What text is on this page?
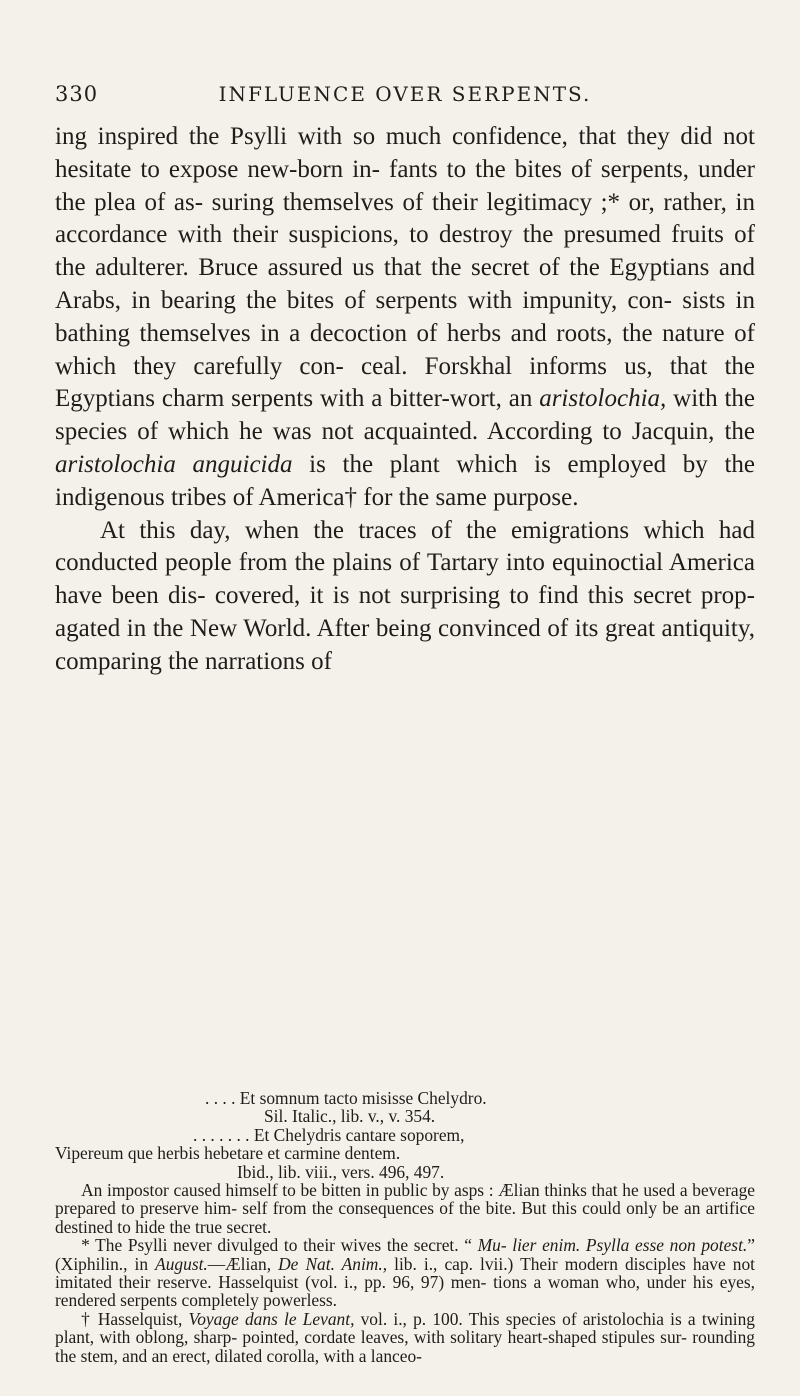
330	INFLUENCE OVER SERPENTS.

ing inspired the Psylli with so much confidence, that they did not hesitate to expose new-born in- fants to the bites of serpents, under the plea of as- suring themselves of their legitimacy ;* or, rather, in accordance with their suspicions, to destroy the presumed fruits of the adulterer. Bruce assured us that the secret of the Egyptians and Arabs, in bearing the bites of serpents with impunity, con- sists in bathing themselves in a decoction of herbs and roots, the nature of which they carefully con- ceal. Forskhal informs us, that the Egyptians charm serpents with a bitter-wort, an aristolochia, with the species of which he was not acquainted. According to Jacquin, the aristolochia anguicida is the plant which is employed by the indigenous tribes of America† for the same purpose.

At this day, when the traces of the emigrations which had conducted people from the plains of Tartary into equinoctial America have been dis- covered, it is not surprising to find this secret prop- agated in the New World. After being convinced of its great antiquity, comparing the narrations of

. . . . Et somnum tacto misisse Chelydro.

Sil. Italic., lib. v., v. 354.

. . . . . . . Et Chelydris cantare soporem,

Vipereum que herbis hebetare et carmine dentem.

Ibid., lib. viii., vers. 496, 497.

An impostor caused himself to be bitten in public by asps : Ælian thinks that he used a beverage prepared to preserve him- self from the consequences of the bite. But this could only be an artifice destined to hide the true secret.

* The Psylli never divulged to their wives the secret. “ Mu- lier enim. Psylla esse non potest.” (Xiphilin., in August.—Ælian, De Nat. Anim., lib. i., cap. lvii.) Their modern disciples have not imitated their reserve. Hasselquist (vol. i., pp. 96, 97) men- tions a woman who, under his eyes, rendered serpents completely powerless.

† Hasselquist, Voyage dans le Levant, vol. i., p. 100. This species of aristolochia is a twining plant, with oblong, sharp- pointed, cordate leaves, with solitary heart-shaped stipules sur- rounding the stem, and an erect, dilated corolla, with a lanceo-
